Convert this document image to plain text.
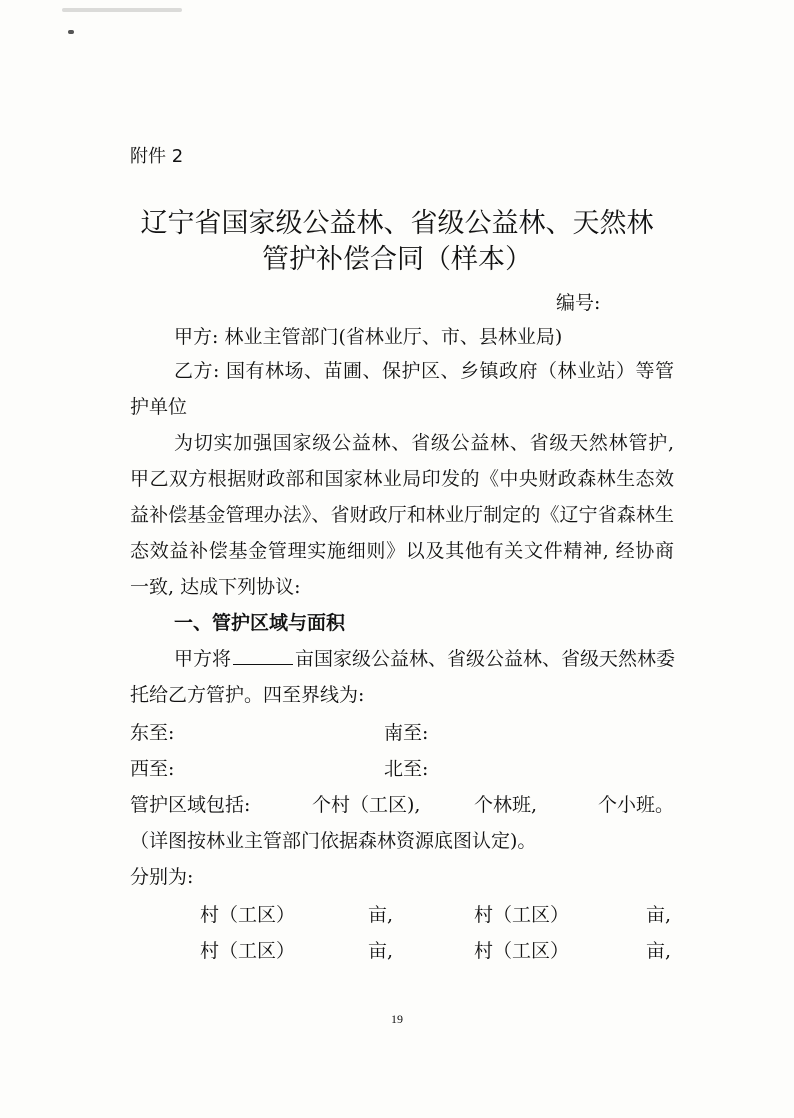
附件 2
辽宁省国家级公益林、省级公益林、天然林
管护补偿合同（样本）
编号:
甲方: 林业主管部门(省林业厅、市、县林业局)
乙方: 国有林场、苗圃、保护区、乡镇政府（林业站）等管
护单位
为切实加强国家级公益林、省级公益林、省级天然林管护,
甲乙双方根据财政部和国家林业局印发的《中央财政森林生态效
益补偿基金管理办法》、省财政厅和林业厅制定的《辽宁省森林生
态效益补偿基金管理实施细则》以及其他有关文件精神, 经协商
一致, 达成下列协议:
一、管护区域与面积
甲方将	亩国家级公益林、省级公益林、省级天然林委
托给乙方管护。四至界线为:
东至:	南至:
西至:	北至:
管护区域包括:	个村（工区),	个林班,	个小班。
（详图按林业主管部门依据森林资源底图认定)。
分别为:
村（工区）	亩,	村（工区）	亩,
村（工区）	亩,	村（工区）	亩,
19
